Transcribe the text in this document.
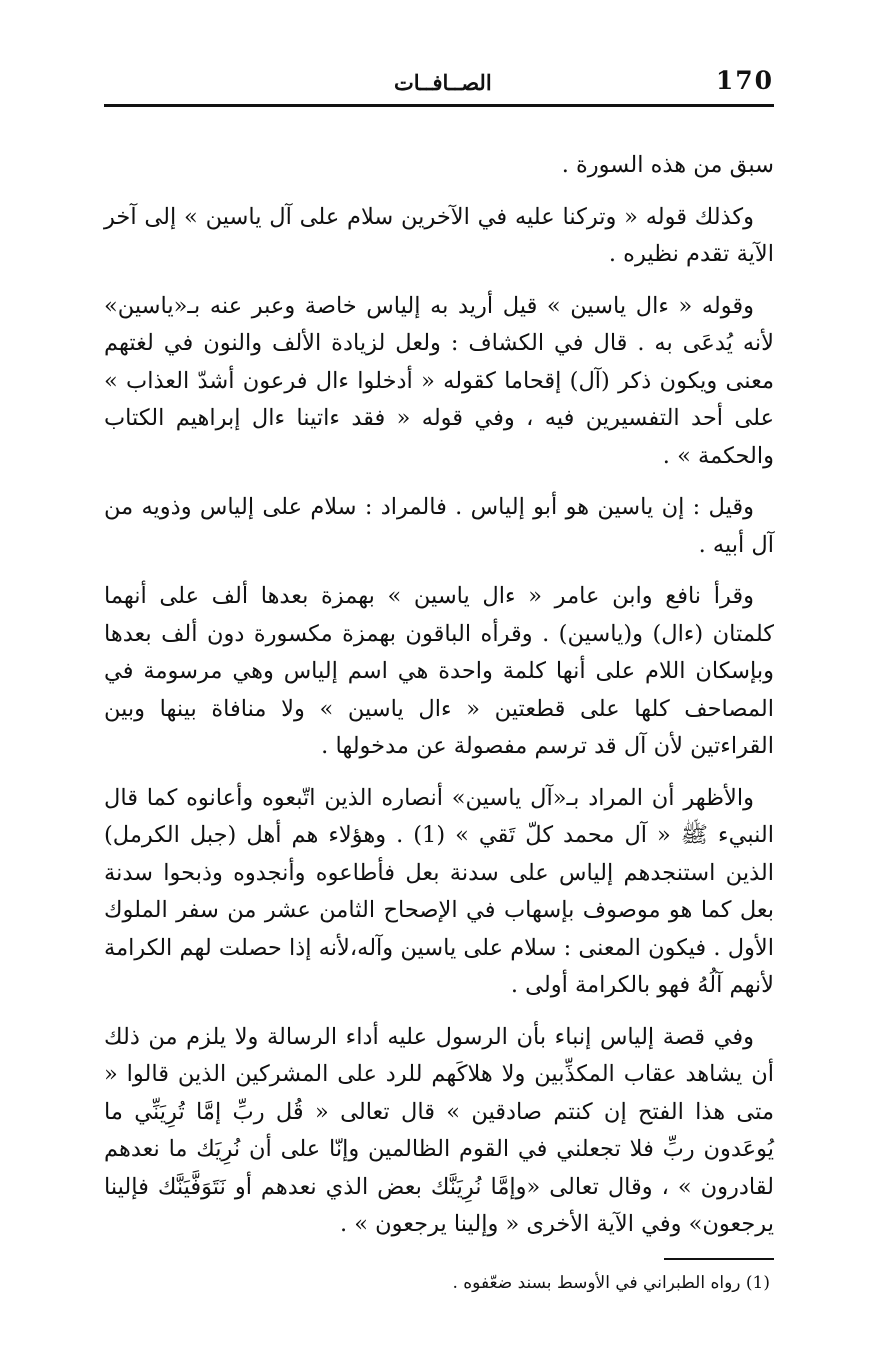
170
الصــافــات

سبق من هذه السورة .

وكذلك قوله « وتركنا عليه في الآخرين سلام على آل ياسين » إلى آخر الآية تقدم نظيره .

وقوله « ءال ياسين » قيل أريد به إلياس خاصة وعبر عنه بـ«ياسين» لأنه يُدعَى به . قال في الكشاف : ولعل لزيادة الألف والنون في لغتهم معنى ويكون ذكر (آل) إقحاما كقوله « أدخلوا ءال فرعون أشدّ العذاب » على أحد التفسيرين فيه ، وفي قوله « فقد ءاتينا ءال إبراهيم الكتاب والحكمة » .

وقيل : إن ياسين هو أبو إلياس . فالمراد : سلام على إلياس وذويه من آل أبيه .

وقرأ نافع وابن عامر « ءال ياسين » بهمزة بعدها ألف على أنهما كلمتان (ءال) و(ياسين) . وقرأه الباقون بهمزة مكسورة دون ألف بعدها وبإسكان اللام على أنها كلمة واحدة هي اسم إلياس وهي مرسومة في المصاحف كلها على قطعتين « ءال ياسين » ولا منافاة بينها وبين القراءتين لأن آل قد ترسم مفصولة عن مدخولها .

والأظهر أن المراد بـ«آل ياسين» أنصاره الذين اتّبعوه وأعانوه كما قال النبيء ﷺ « آل محمد كلّ تَقي » (1) . وهؤلاء هم أهل (جبل الكرمل) الذين استنجدهم إلياس على سدنة بعل فأطاعوه وأنجدوه وذبحوا سدنة بعل كما هو موصوف بإسهاب في الإصحاح الثامن عشر من سفر الملوك الأول . فيكون المعنى : سلام على ياسين وآله،لأنه إذا حصلت لهم الكرامة لأنهم آلُهُ فهو بالكرامة أولى .

وفي قصة إلياس إنباء بأن الرسول عليه أداء الرسالة ولا يلزم من ذلك أن يشاهد عقاب المكذِّبين ولا هلاكَهم للرد على المشركين الذين قالوا « متى هذا الفتح إن كنتم صادقين » قال تعالى « قُل ربِّ إمَّا تُرِيَنِّي ما يُوعَدون ربِّ فلا تجعلني في القوم الظالمين وإنّا على أن نُرِيَك ما نعدهم لقادرون » ، وقال تعالى «وإمَّا نُرِيَنَّك بعض الذي نعدهم أو نَتَوَفَّيَنَّك فإلينا يرجعون» وفي الآية الأخرى « وإلينا يرجعون » .

(1) رواه الطبراني في الأوسط بسند ضعّفوه .
